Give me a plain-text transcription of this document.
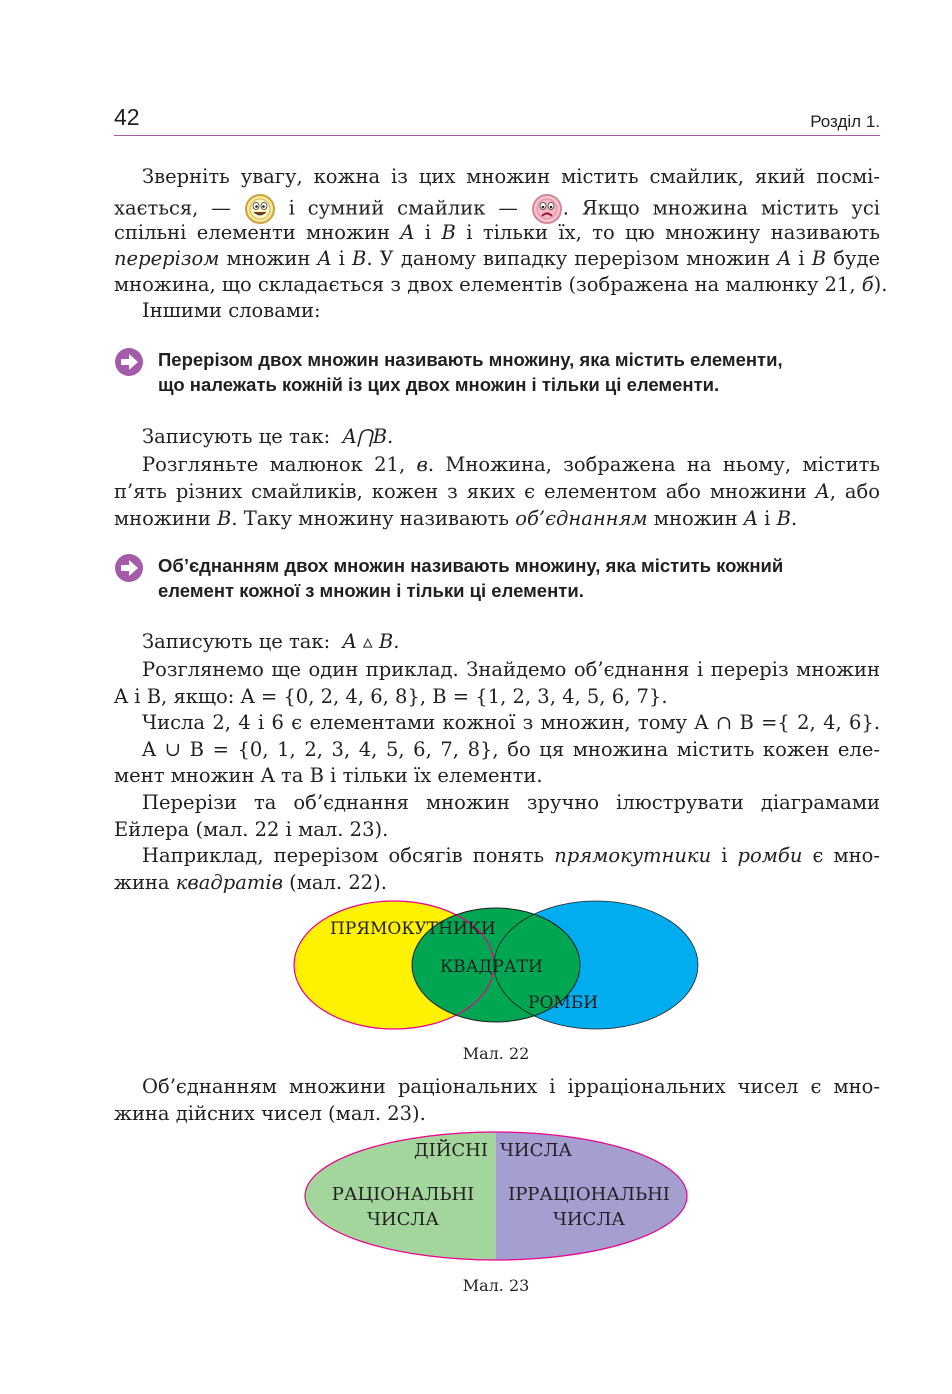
42	Розділ 1.
Зверніть увагу, кожна із цих множин містить смайлик, який посмі-
хається, —	і сумний смайлик — . Якщо множина містить усі
спільні елементи множин A і B і тільки їх, то цю множину називають
перерізом множин A і B. У даному випадку перерізом множин A і B буде
множина, що складається з двох елементів (зображена на малюнку 21, б).
Іншими словами:
Перерізом двох множин називають множину, яка містить елементи,
що належать кожній із цих двох множин і тільки ці елементи.
Записують це так: A⋂B.
Розгляньте малюнок 21, в. Множина, зображена на ньому, містить
п’ять різних смайликів, кожен з яких є елементом або множини A, або
множини B. Таку множину називають об’єднанням множин A і B.
Об’єднанням двох множин називають множину, яка містить кожний
елемент кожної з множин і тільки ці елементи.
Записують це так: A ▵ B.
Розглянемо ще один приклад. Знайдемо об’єднання і переріз множин
A і B, якщо: A = {0, 2, 4, 6, 8}, B = {1, 2, 3, 4, 5, 6, 7}.
Числа 2, 4 і 6 є елементами кожної з множин, тому A ∩ B ={ 2, 4, 6}.
A ∪ B = {0, 1, 2, 3, 4, 5, 6, 7, 8}, бо ця множина містить кожен еле-
мент множин A та B і тільки їх елементи.
Перерізи та об’єднання множин зручно ілюструвати діаграмами
Ейлера (мал. 22 і мал. 23).
Наприклад, перерізом обсягів понять прямокутники і ромби є мно-
жина квадратів (мал. 22).
ПРЯМОКУТНИКИ
КВАДРАТИ
РОМБИ
Мал. 22
Об’єднанням множини раціональних і ірраціональних чисел є мно-
жина дійсних чисел (мал. 23).
ДІЙСНІ ЧИСЛА
РАЦІОНАЛЬНІ
ЧИСЛА
ІРРАЦІОНАЛЬНІ
ЧИСЛА
Мал. 23
